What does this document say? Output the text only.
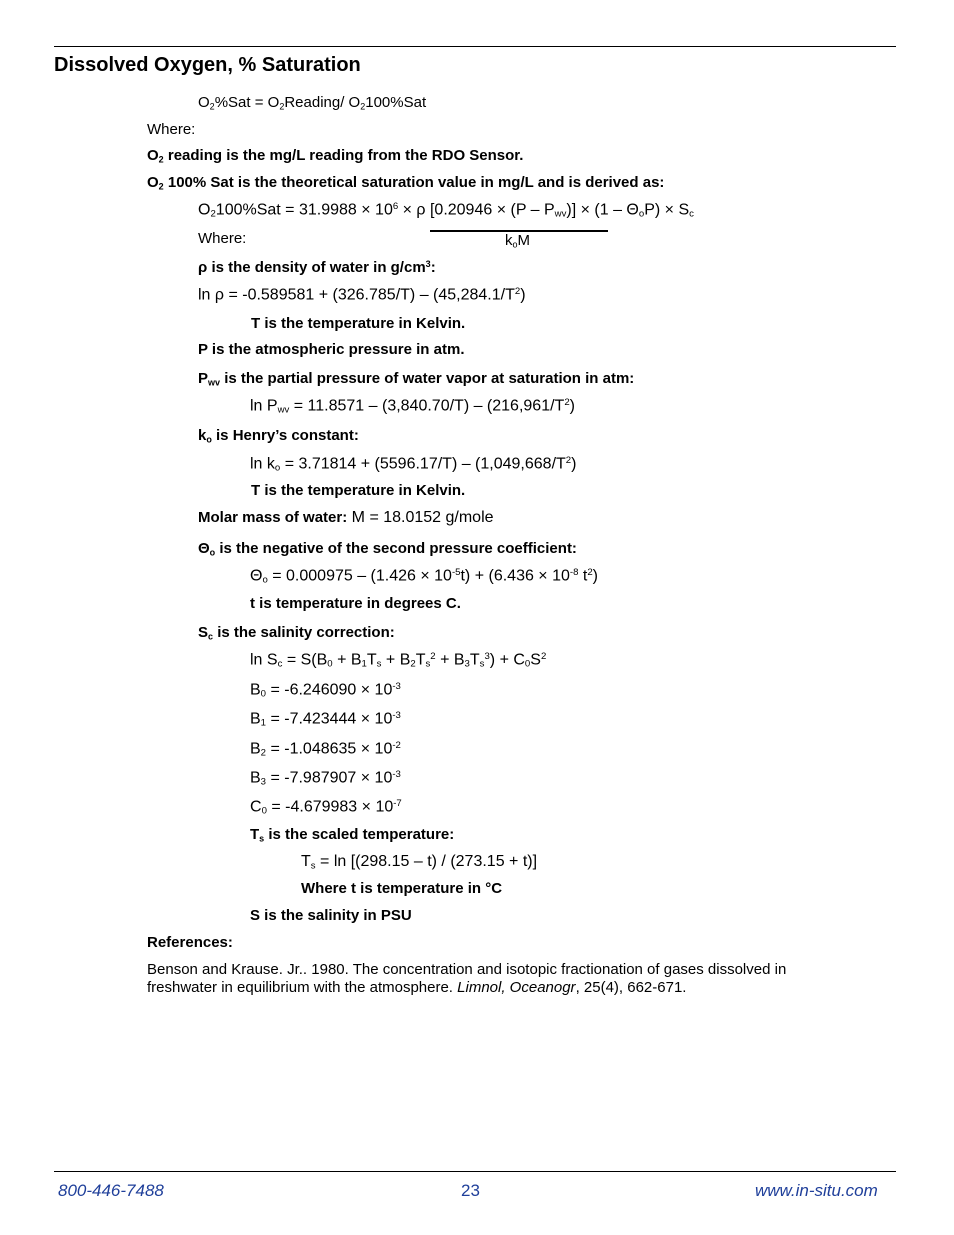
Dissolved Oxygen, % Saturation
$O_2\%Sat$ = $O_2Reading/$ $O_2100\%Sat$
Where:
$O_2$ reading is the mg/L reading from the RDO Sensor.
$O_2$ 100% Sat is the theoretical saturation value in mg/L and is derived as:
$O_2100\%Sat = 31.9988 \times 10^6 \times \rho$ $[0.20946 \times (P - P_{wv})] \times (1 - \Theta_oP) \times S_c$
Where:	$k_oM$
ρ is the density of water in $g/cm^3$:
$\ln \rho = -0.589581 + (326.785/T) - (45,284.1/T^2)$
T is the temperature in Kelvin.
P is the atmospheric pressure in atm.
$P_{wv}$ is the partial pressure of water vapor at saturation in atm:
$\ln P_{wv} = 11.8571 - (3,840.70/T) - (216,961/T^2)$
$k_o$ is Henry’s constant:
$\ln k_o = 3.71814 + (5596.17/T) - (1,049,668/T^2)$
T is the temperature in Kelvin.
Molar mass of water: M = 18.0152 g/mole
$\Theta_o$ is the negative of the second pressure coefficient:
$\Theta_o = 0.000975 - (1.426 \times 10^{-5}t) + (6.436 \times 10^{-8}$ $t^2$)
t is temperature in degrees C.
$S_c$ is the salinity correction:
$\ln S_c = S(B_0 + B_1T_s + B_2T_s^2 + B_3T_s^3) + C_0S^2$
$B_0 = -6.246090 \times 10^{-3}$
$B_1 = -7.423444 \times 10^{-3}$
$B_2 = -1.048635 \times 10^{-2}$
$B_3 = -7.987907 \times 10^{-3}$
$C_0 = -4.679983 \times 10^{-7}$
$T_s$ is the scaled temperature:
$T_s = \ln [(298.15 - t) / (273.15 + t)]$
Where t is temperature in °C
S is the salinity in PSU
References:
Benson and Krause. Jr.. 1980. The concentration and isotopic fractionation of gases dissolved in freshwater in equilibrium with the atmosphere. Limnol, Oceanogr, 25(4), 662-671.
800-446-7488	23	www.in-situ.com
